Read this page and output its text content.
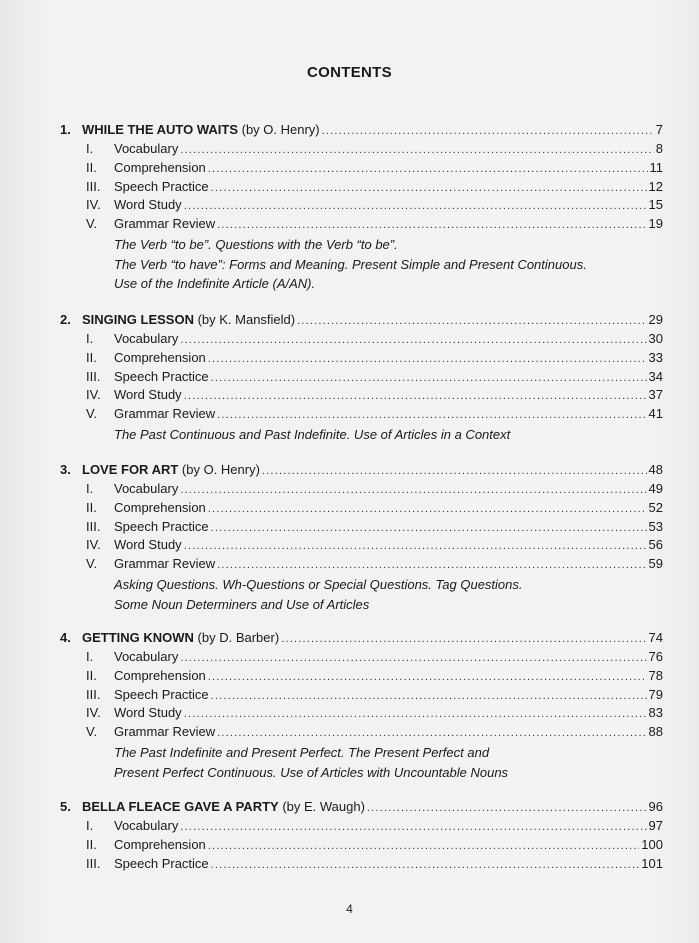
CONTENTS
1. WHILE THE AUTO WAITS (by O. Henry) .....	7
I. Vocabulary .....	8
II. Comprehension .....	11
III. Speech Practice .....	12
IV. Word Study .....	15
V. Grammar Review .....	19
The Verb “to be”. Questions with the Verb “to be”.
The Verb “to have”: Forms and Meaning. Present Simple and Present Continuous.
Use of the Indefinite Article (A/AN).
2. SINGING LESSON (by K. Mansfield) .....	29
I. Vocabulary .....	30
II. Comprehension .....	33
III. Speech Practice .....	34
IV. Word Study .....	37
V. Grammar Review .....	41
The Past Continuous and Past Indefinite. Use of Articles in a Context
3. LOVE FOR ART (by O. Henry) .....	48
I. Vocabulary .....	49
II. Comprehension .....	52
III. Speech Practice .....	53
IV. Word Study .....	56
V. Grammar Review .....	59
Asking Questions. Wh-Questions or Special Questions. Tag Questions.
Some Noun Determiners and Use of Articles
4. GETTING KNOWN (by D. Barber) .....	74
I. Vocabulary .....	76
II. Comprehension .....	78
III. Speech Practice .....	79
IV. Word Study .....	83
V. Grammar Review .....	88
The Past Indefinite and Present Perfect. The Present Perfect and
Present Perfect Continuous. Use of Articles with Uncountable Nouns
5. BELLA FLEACE GAVE A PARTY (by E. Waugh) .....	96
I. Vocabulary .....	97
II. Comprehension .....	100
III. Speech Practice .....	101
4
